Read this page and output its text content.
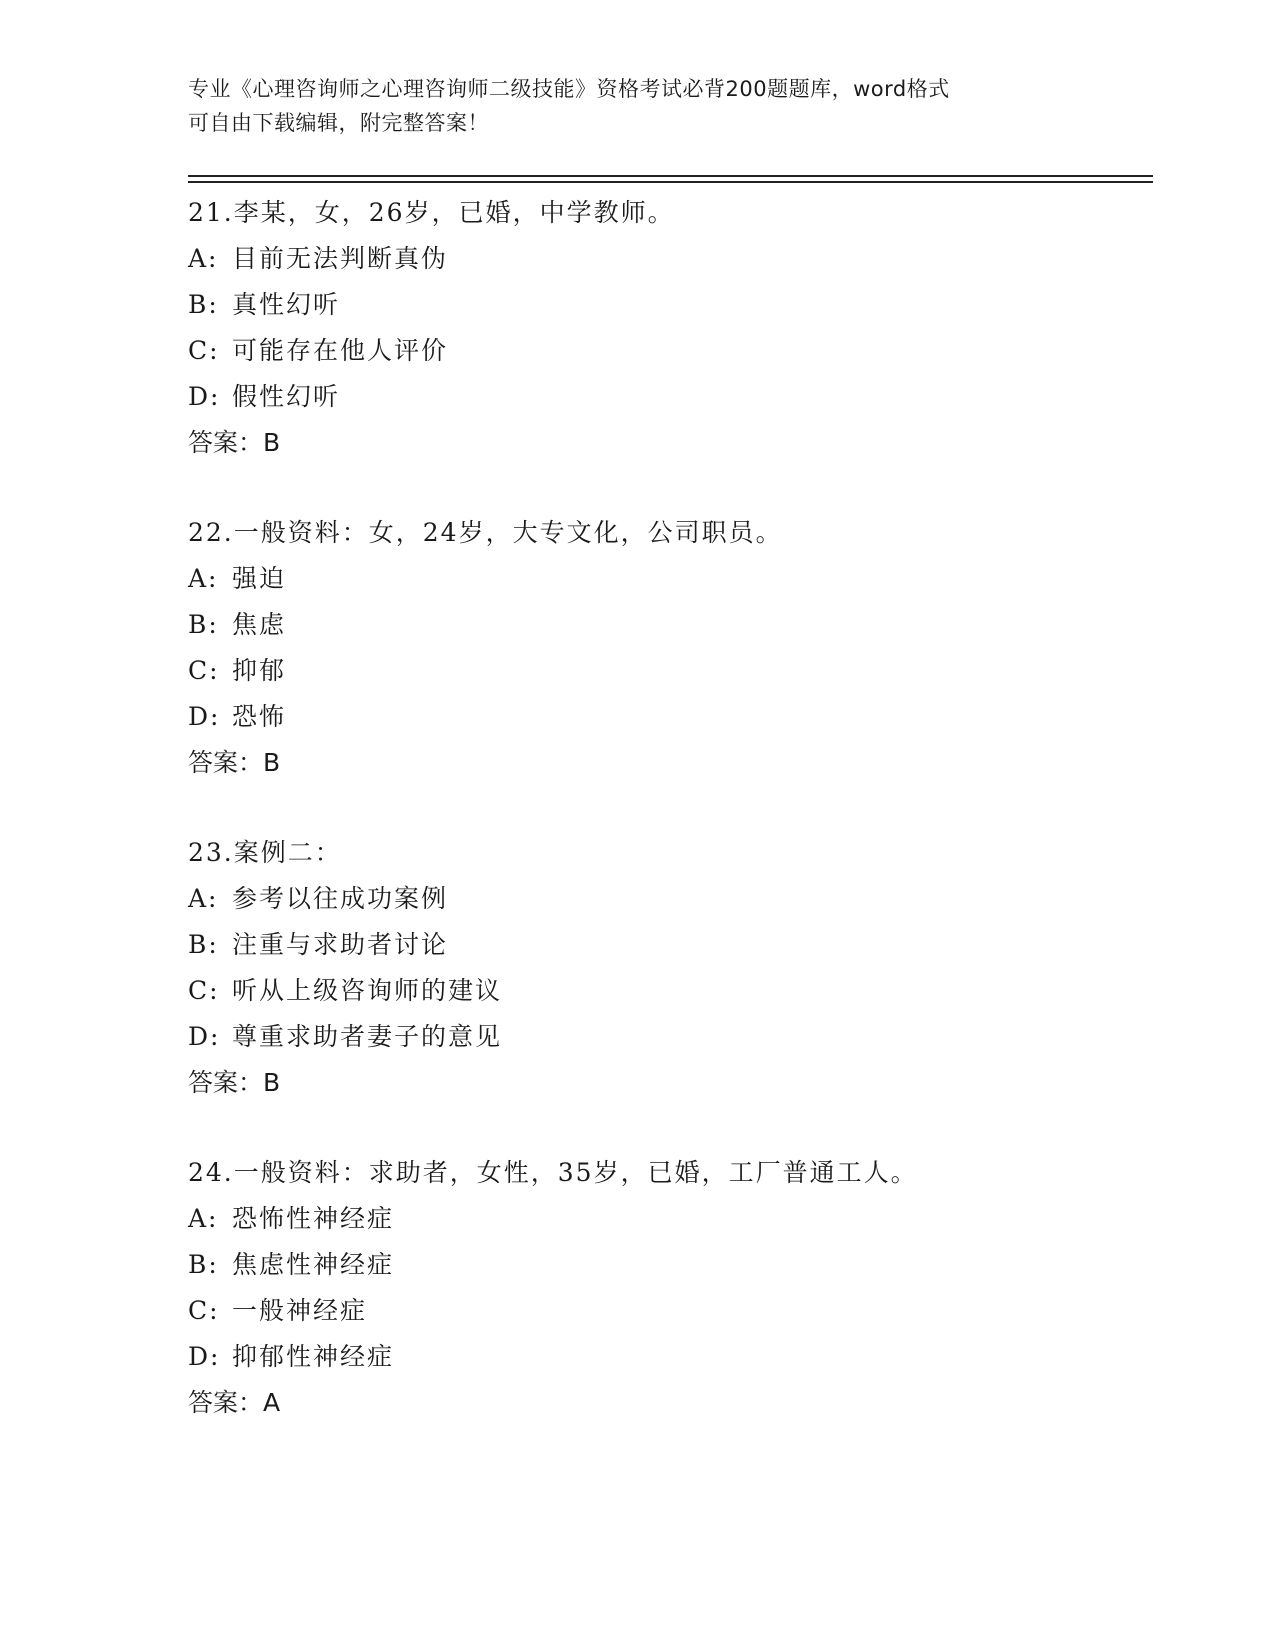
专业《心理咨询师之心理咨询师二级技能》资格考试必背200题题库，word格式
可自由下载编辑，附完整答案！
21.李某，女，26岁，已婚，中学教师。
A: 目前无法判断真伪
B: 真性幻听
C: 可能存在他人评价
D: 假性幻听
答案：B
22.一般资料：女，24岁，大专文化，公司职员。
A: 强迫
B: 焦虑
C: 抑郁
D: 恐怖
答案：B
23.案例二：
A: 参考以往成功案例
B: 注重与求助者讨论
C: 听从上级咨询师的建议
D: 尊重求助者妻子的意见
答案：B
24.一般资料：求助者，女性，35岁，已婚，工厂普通工人。
A: 恐怖性神经症
B: 焦虑性神经症
C: 一般神经症
D: 抑郁性神经症
答案：A
